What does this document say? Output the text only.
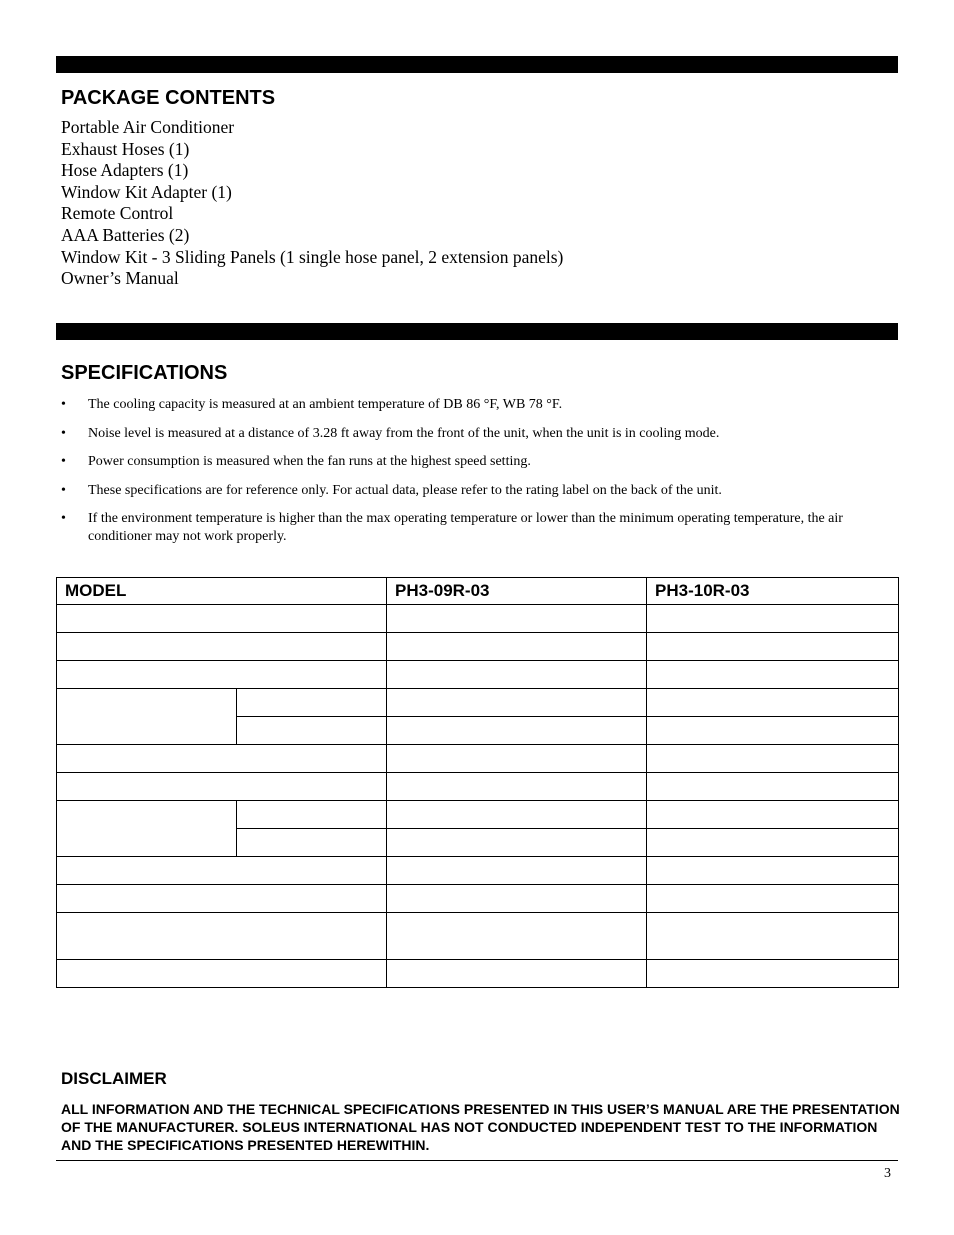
PACKAGE CONTENTS
Portable Air Conditioner
Exhaust Hoses (1)
Hose Adapters (1)
Window Kit Adapter (1)
Remote Control
AAA Batteries (2)
Window Kit - 3 Sliding Panels (1 single hose panel, 2 extension panels)
Owner’s Manual
SPECIFICATIONS
• The cooling capacity is measured at an ambient temperature of DB 86 °F, WB 78 °F.
• Noise level is measured at a distance of 3.28 ft away from the front of the unit, when the unit is in cooling mode.
• Power consumption is measured when the fan runs at the highest speed setting.
• These specifications are for reference only. For actual data, please refer to the rating label on the back of the unit.
• If the environment temperature is higher than the max operating temperature or lower than the minimum operating temperature, the air conditioner may not work properly.
MODEL		PH3-09R-03	PH3-10R-03

DISCLAIMER

ALL INFORMATION AND THE TECHNICAL SPECIFICATIONS PRESENTED IN THIS USER’S MANUAL ARE THE PRESENTATION OF THE MANUFACTURER. SOLEUS INTERNATIONAL HAS NOT CONDUCTED INDEPENDENT TEST TO THE INFORMATION AND THE SPECIFICATIONS PRESENTED HEREWITHIN.

3
